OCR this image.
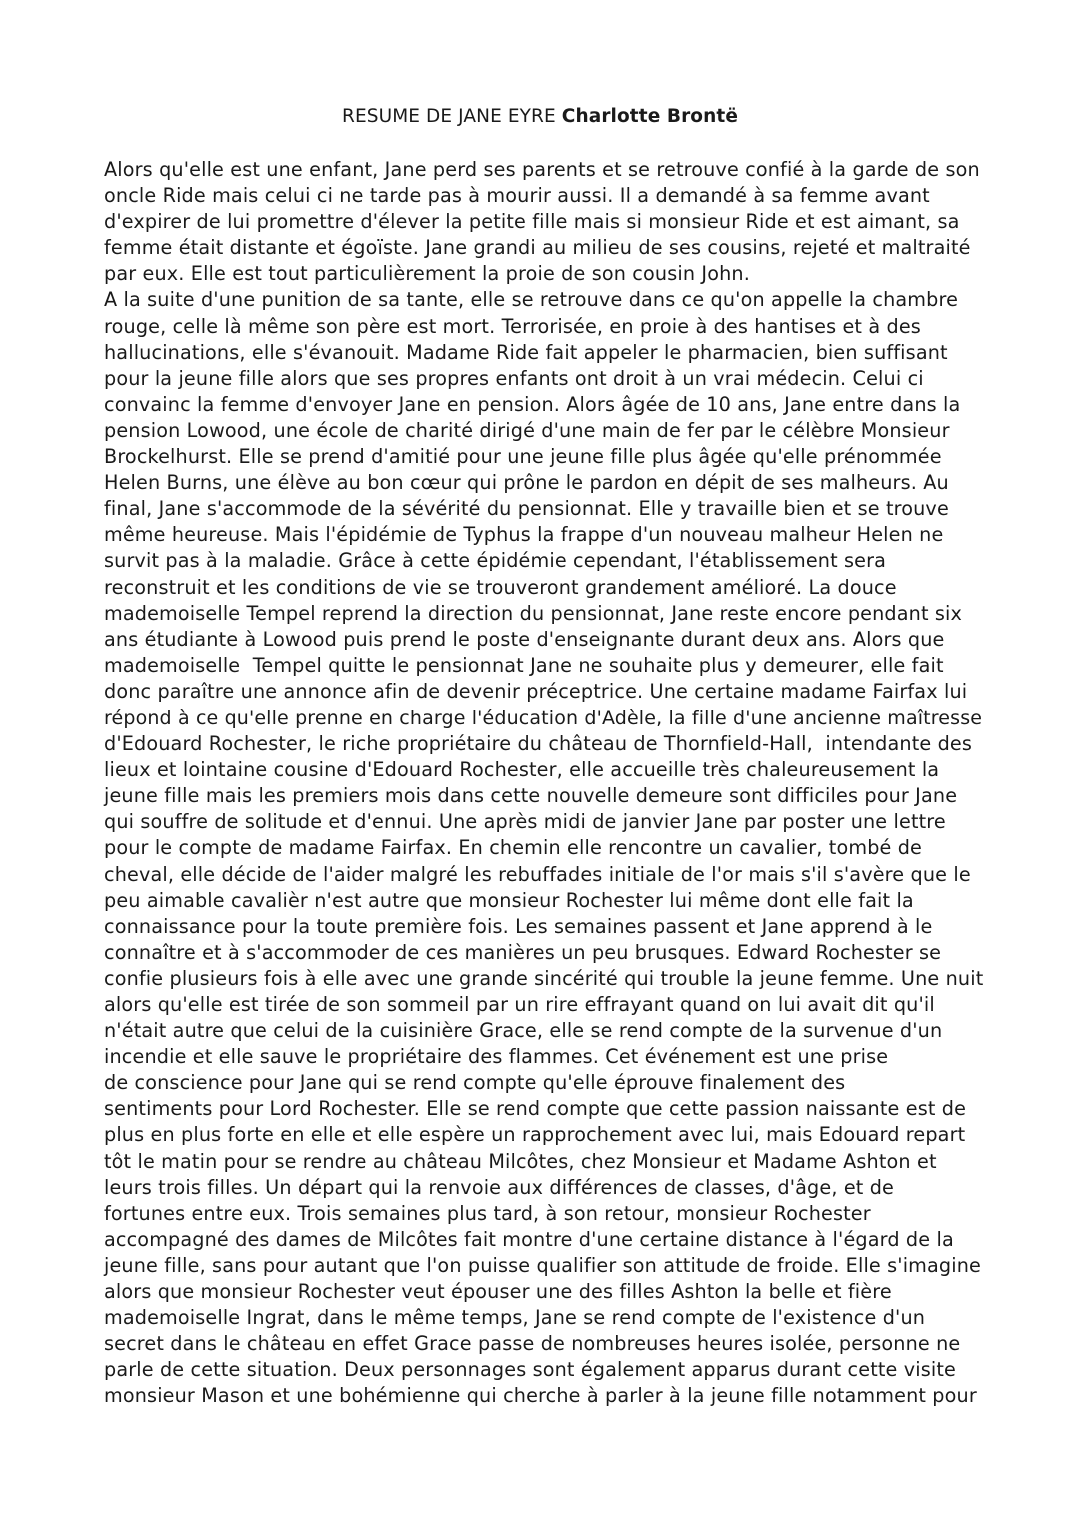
RESUME DE JANE EYRE Charlotte Brontë
Alors qu'elle est une enfant, Jane perd ses parents et se retrouve confié à la garde de son
oncle Ride mais celui ci ne tarde pas à mourir aussi. Il a demandé à sa femme avant
d'expirer de lui promettre d'élever la petite fille mais si monsieur Ride et est aimant, sa
femme était distante et égoïste. Jane grandi au milieu de ses cousins, rejeté et maltraité
par eux. Elle est tout particulièrement la proie de son cousin John.
A la suite d'une punition de sa tante, elle se retrouve dans ce qu'on appelle la chambre
rouge, celle là même son père est mort. Terrorisée, en proie à des hantises et à des
hallucinations, elle s'évanouit. Madame Ride fait appeler le pharmacien, bien suffisant
pour la jeune fille alors que ses propres enfants ont droit à un vrai médecin. Celui ci
convainc la femme d'envoyer Jane en pension. Alors âgée de 10 ans, Jane entre dans la
pension Lowood, une école de charité dirigé d'une main de fer par le célèbre Monsieur
Brockelhurst. Elle se prend d'amitié pour une jeune fille plus âgée qu'elle prénommée
Helen Burns, une élève au bon cœur qui prône le pardon en dépit de ses malheurs. Au
final, Jane s'accommode de la sévérité du pensionnat. Elle y travaille bien et se trouve
même heureuse. Mais l'épidémie de Typhus la frappe d'un nouveau malheur Helen ne
survit pas à la maladie. Grâce à cette épidémie cependant, l'établissement sera
reconstruit et les conditions de vie se trouveront grandement amélioré. La douce
mademoiselle Tempel reprend la direction du pensionnat, Jane reste encore pendant six
ans étudiante à Lowood puis prend le poste d'enseignante durant deux ans. Alors que
mademoiselle  Tempel quitte le pensionnat Jane ne souhaite plus y demeurer, elle fait
donc paraître une annonce afin de devenir préceptrice. Une certaine madame Fairfax lui
répond à ce qu'elle prenne en charge l'éducation d'Adèle, la fille d'une ancienne maîtresse
d'Edouard Rochester, le riche propriétaire du château de Thornfield-Hall,  intendante des
lieux et lointaine cousine d'Edouard Rochester, elle accueille très chaleureusement la
jeune fille mais les premiers mois dans cette nouvelle demeure sont difficiles pour Jane
qui souffre de solitude et d'ennui. Une après midi de janvier Jane par poster une lettre
pour le compte de madame Fairfax. En chemin elle rencontre un cavalier, tombé de
cheval, elle décide de l'aider malgré les rebuffades initiale de l'or mais s'il s'avère que le
peu aimable cavalièr n'est autre que monsieur Rochester lui même dont elle fait la
connaissance pour la toute première fois. Les semaines passent et Jane apprend à le
connaître et à s'accommoder de ces manières un peu brusques. Edward Rochester se
confie plusieurs fois à elle avec une grande sincérité qui trouble la jeune femme. Une nuit
alors qu'elle est tirée de son sommeil par un rire effrayant quand on lui avait dit qu'il
n'était autre que celui de la cuisinière Grace, elle se rend compte de la survenue d'un
incendie et elle sauve le propriétaire des flammes. Cet événement est une prise
de conscience pour Jane qui se rend compte qu'elle éprouve finalement des
sentiments pour Lord Rochester. Elle se rend compte que cette passion naissante est de
plus en plus forte en elle et elle espère un rapprochement avec lui, mais Edouard repart
tôt le matin pour se rendre au château Milcôtes, chez Monsieur et Madame Ashton et
leurs trois filles. Un départ qui la renvoie aux différences de classes, d'âge, et de
fortunes entre eux. Trois semaines plus tard, à son retour, monsieur Rochester
accompagné des dames de Milcôtes fait montre d'une certaine distance à l'égard de la
jeune fille, sans pour autant que l'on puisse qualifier son attitude de froide. Elle s'imagine
alors que monsieur Rochester veut épouser une des filles Ashton la belle et fière
mademoiselle Ingrat, dans le même temps, Jane se rend compte de l'existence d'un
secret dans le château en effet Grace passe de nombreuses heures isolée, personne ne
parle de cette situation. Deux personnages sont également apparus durant cette visite
monsieur Mason et une bohémienne qui cherche à parler à la jeune fille notamment pour
